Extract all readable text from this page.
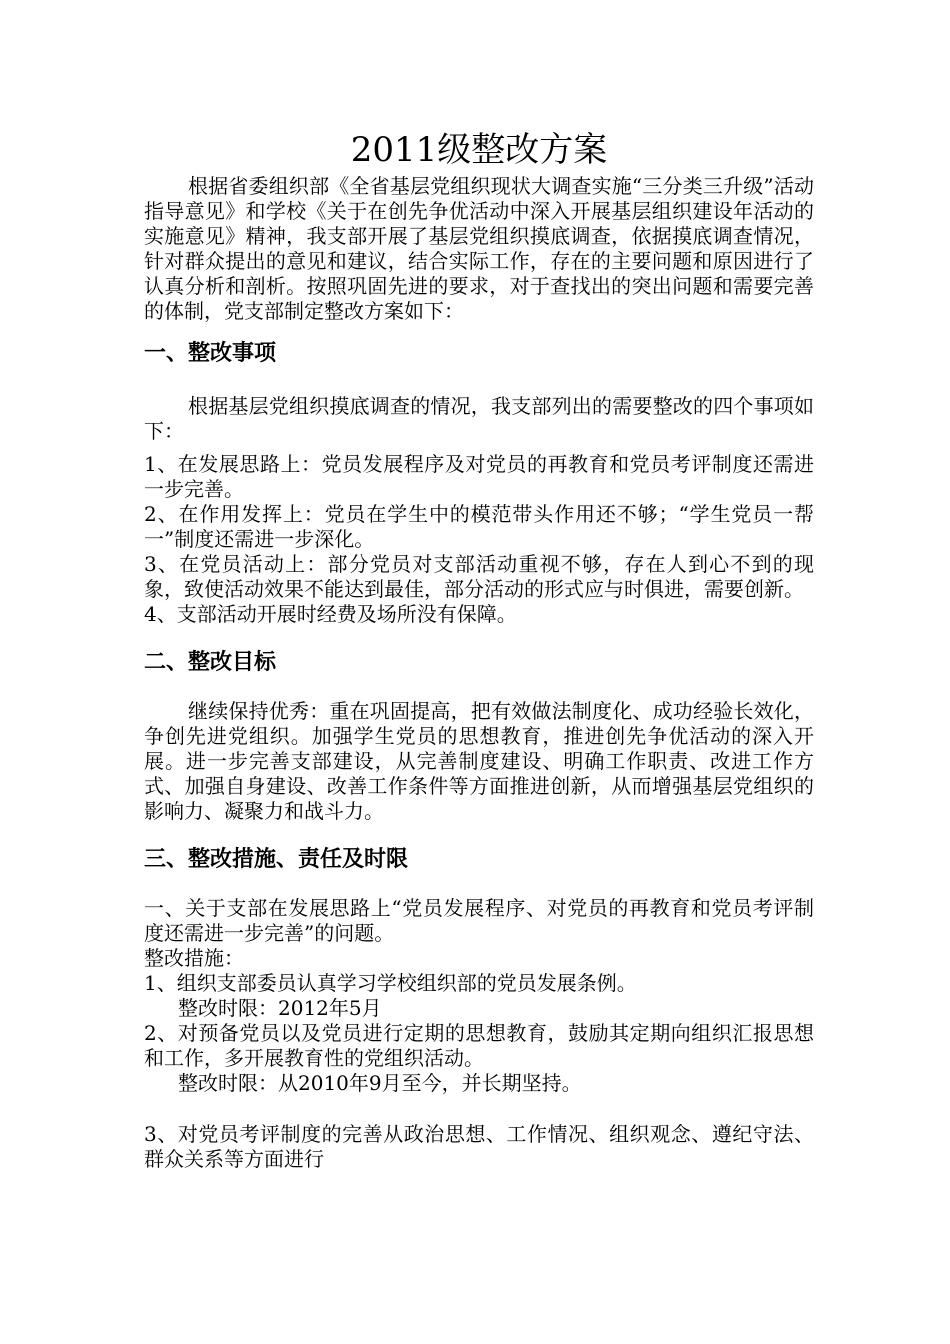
2011级整改方案

根据省委组织部《全省基层党组织现状大调查实施“三分类三升级”活动指导意见》和学校《关于在创先争优活动中深入开展基层组织建设年活动的实施意见》精神，我支部开展了基层党组织摸底调查，依据摸底调查情况，针对群众提出的意见和建议，结合实际工作，存在的主要问题和原因进行了认真分析和剖析。按照巩固先进的要求，对于查找出的突出问题和需要完善的体制，党支部制定整改方案如下：

一、整改事项

根据基层党组织摸底调查的情况，我支部列出的需要整改的四个事项如下：

1、在发展思路上：党员发展程序及对党员的再教育和党员考评制度还需进一步完善。

2、在作用发挥上：党员在学生中的模范带头作用还不够；“学生党员一帮一”制度还需进一步深化。

3、在党员活动上：部分党员对支部活动重视不够，存在人到心不到的现象，致使活动效果不能达到最佳，部分活动的形式应与时俱进，需要创新。

4、支部活动开展时经费及场所没有保障。

二、整改目标

继续保持优秀：重在巩固提高，把有效做法制度化、成功经验长效化，争创先进党组织。加强学生党员的思想教育，推进创先争优活动的深入开展。进一步完善支部建设，从完善制度建设、明确工作职责、改进工作方式、加强自身建设、改善工作条件等方面推进创新，从而增强基层党组织的影响力、凝聚力和战斗力。

三、整改措施、责任及时限

一、关于支部在发展思路上“党员发展程序、对党员的再教育和党员考评制度还需进一步完善”的问题。

整改措施：

1、组织支部委员认真学习学校组织部的党员发展条例。

整改时限：2012年5月

2、对预备党员以及党员进行定期的思想教育，鼓励其定期向组织汇报思想和工作，多开展教育性的党组织活动。

整改时限：从2010年9月至今，并长期坚持。

3、对党员考评制度的完善从政治思想、工作情况、组织观念、遵纪守法、群众关系等方面进行
